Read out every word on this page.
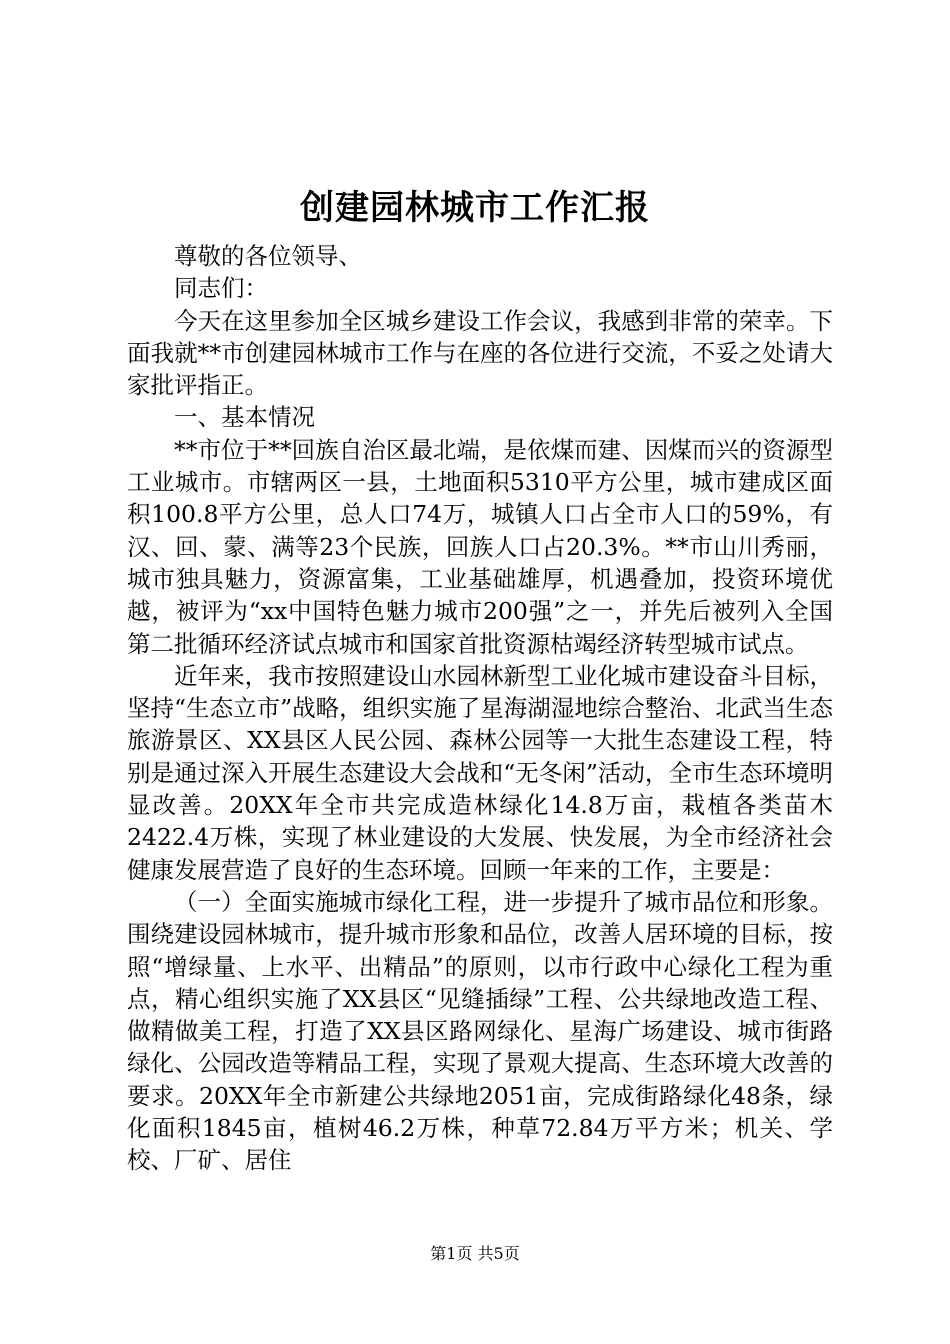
创建园林城市工作汇报

尊敬的各位领导、

同志们：

今天在这里参加全区城乡建设工作会议，我感到非常的荣幸。下面我就**市创建园林城市工作与在座的各位进行交流，不妥之处请大家批评指正。

一、基本情况

**市位于**回族自治区最北端，是依煤而建、因煤而兴的资源型工业城市。市辖两区一县，土地面积5310平方公里，城市建成区面积100.8平方公里，总人口74万，城镇人口占全市人口的59%，有汉、回、蒙、满等23个民族，回族人口占20.3%。**市山川秀丽，城市独具魅力，资源富集，工业基础雄厚，机遇叠加，投资环境优越，被评为“xx中国特色魅力城市200强”之一，并先后被列入全国第二批循环经济试点城市和国家首批资源枯竭经济转型城市试点。

近年来，我市按照建设山水园林新型工业化城市建设奋斗目标，坚持“生态立市”战略，组织实施了星海湖湿地综合整治、北武当生态旅游景区、XX县区人民公园、森林公园等一大批生态建设工程，特别是通过深入开展生态建设大会战和“无冬闲”活动，全市生态环境明显改善。20XX年全市共完成造林绿化14.8万亩，栽植各类苗木2422.4万株，实现了林业建设的大发展、快发展，为全市经济社会健康发展营造了良好的生态环境。回顾一年来的工作，主要是：

（一）全面实施城市绿化工程，进一步提升了城市品位和形象。围绕建设园林城市，提升城市形象和品位，改善人居环境的目标，按照“增绿量、上水平、出精品”的原则，以市行政中心绿化工程为重点，精心组织实施了XX县区“见缝插绿”工程、公共绿地改造工程、做精做美工程，打造了XX县区路网绿化、星海广场建设、城市街路绿化、公园改造等精品工程，实现了景观大提高、生态环境大改善的要求。20XX年全市新建公共绿地2051亩，完成街路绿化48条，绿化面积1845亩，植树46.2万株，种草72.84万平方米；机关、学校、厂矿、居住

第1页 共5页
